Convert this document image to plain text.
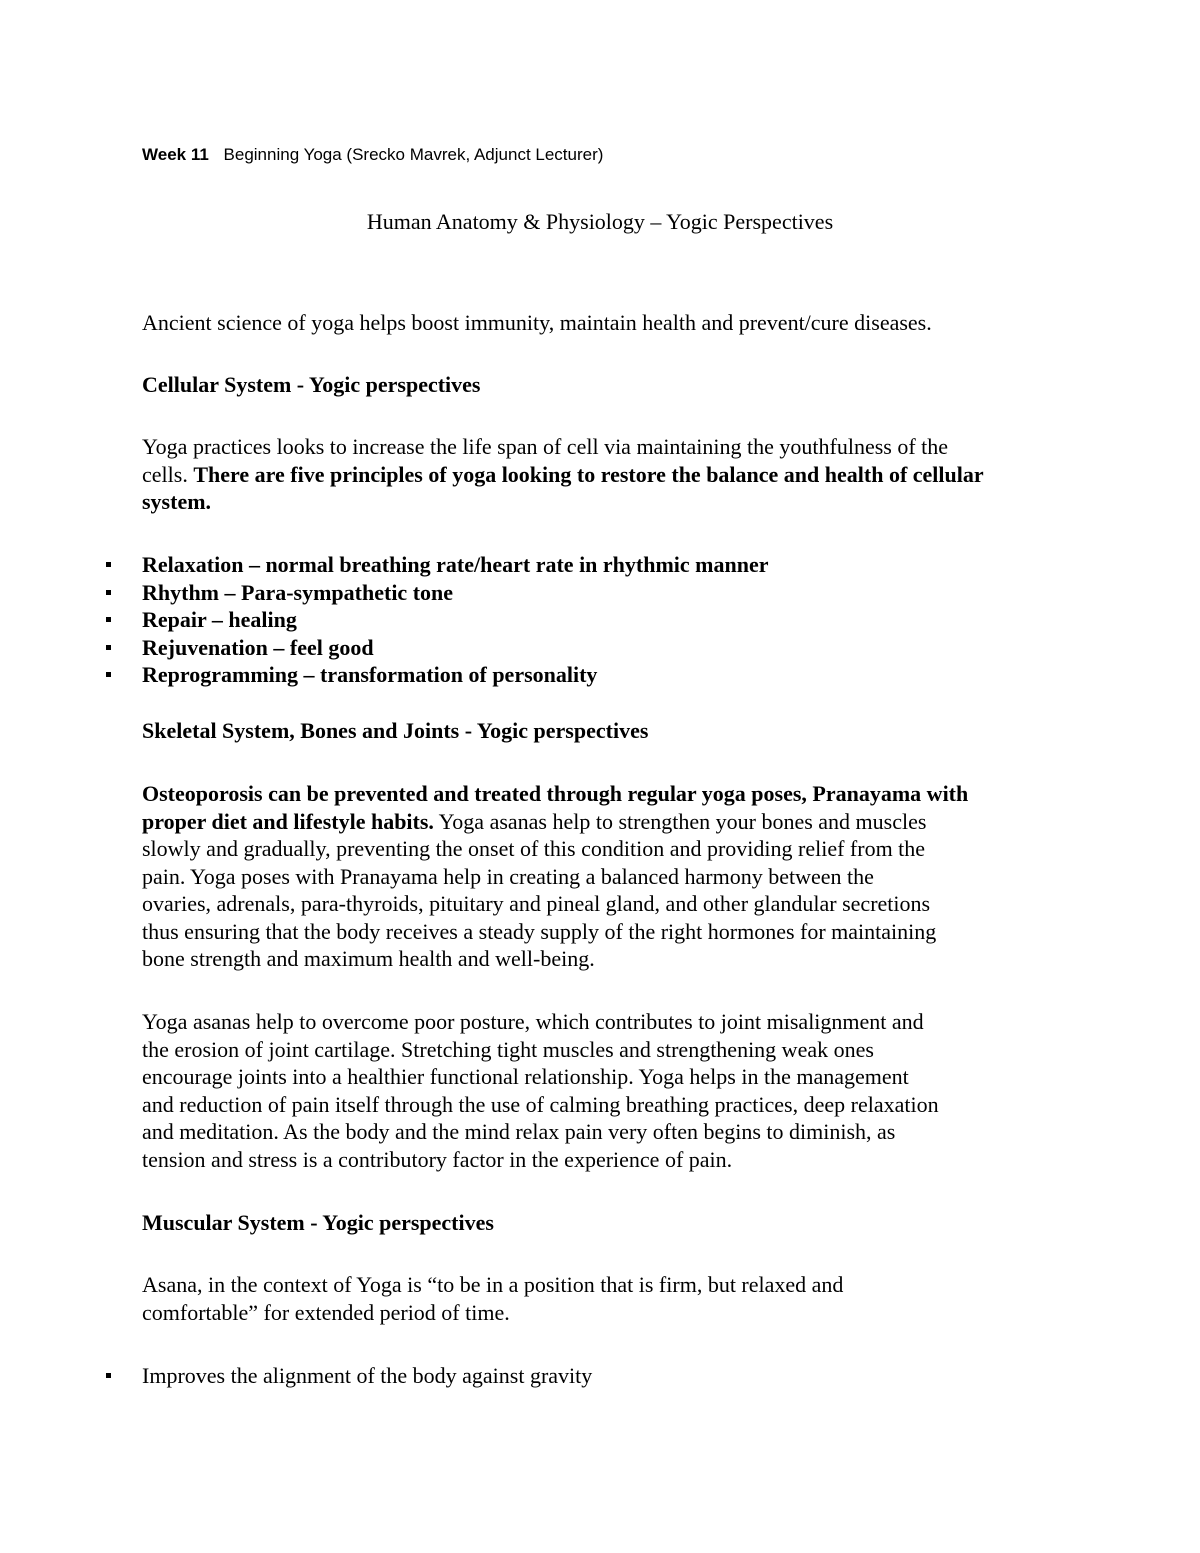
Week 11 Beginning Yoga (Srecko Mavrek, Adjunct Lecturer)
Human Anatomy & Physiology – Yogic Perspectives
Ancient science of yoga helps boost immunity, maintain health and prevent/cure diseases.
Cellular System - Yogic perspectives

Yoga practices looks to increase the life span of cell via maintaining the youthfulness of the

cells. There are five principles of yoga looking to restore the balance and health of cellular

system.

Relaxation – normal breathing rate/heart rate in rhythmic manner
Rhythm – Para-sympathetic tone
Repair – healing
Rejuvenation – feel good
Reprogramming – transformation of personality
Skeletal System, Bones and Joints - Yogic perspectives

Osteoporosis can be prevented and treated through regular yoga poses, Pranayama with

proper diet and lifestyle habits. Yoga asanas help to strengthen your bones and muscles

slowly and gradually, preventing the onset of this condition and providing relief from the

pain. Yoga poses with Pranayama help in creating a balanced harmony between the

ovaries, adrenals, para-thyroids, pituitary and pineal gland, and other glandular secretions

thus ensuring that the body receives a steady supply of the right hormones for maintaining

bone strength and maximum health and well-being.

Yoga asanas help to overcome poor posture, which contributes to joint misalignment and

the erosion of joint cartilage. Stretching tight muscles and strengthening weak ones

encourage joints into a healthier functional relationship. Yoga helps in the management

and reduction of pain itself through the use of calming breathing practices, deep relaxation

and meditation. As the body and the mind relax pain very often begins to diminish, as

tension and stress is a contributory factor in the experience of pain.

Muscular System - Yogic perspectives

Asana, in the context of Yoga is “to be in a position that is firm, but relaxed and

comfortable” for extended period of time.

Improves the alignment of the body against gravity
